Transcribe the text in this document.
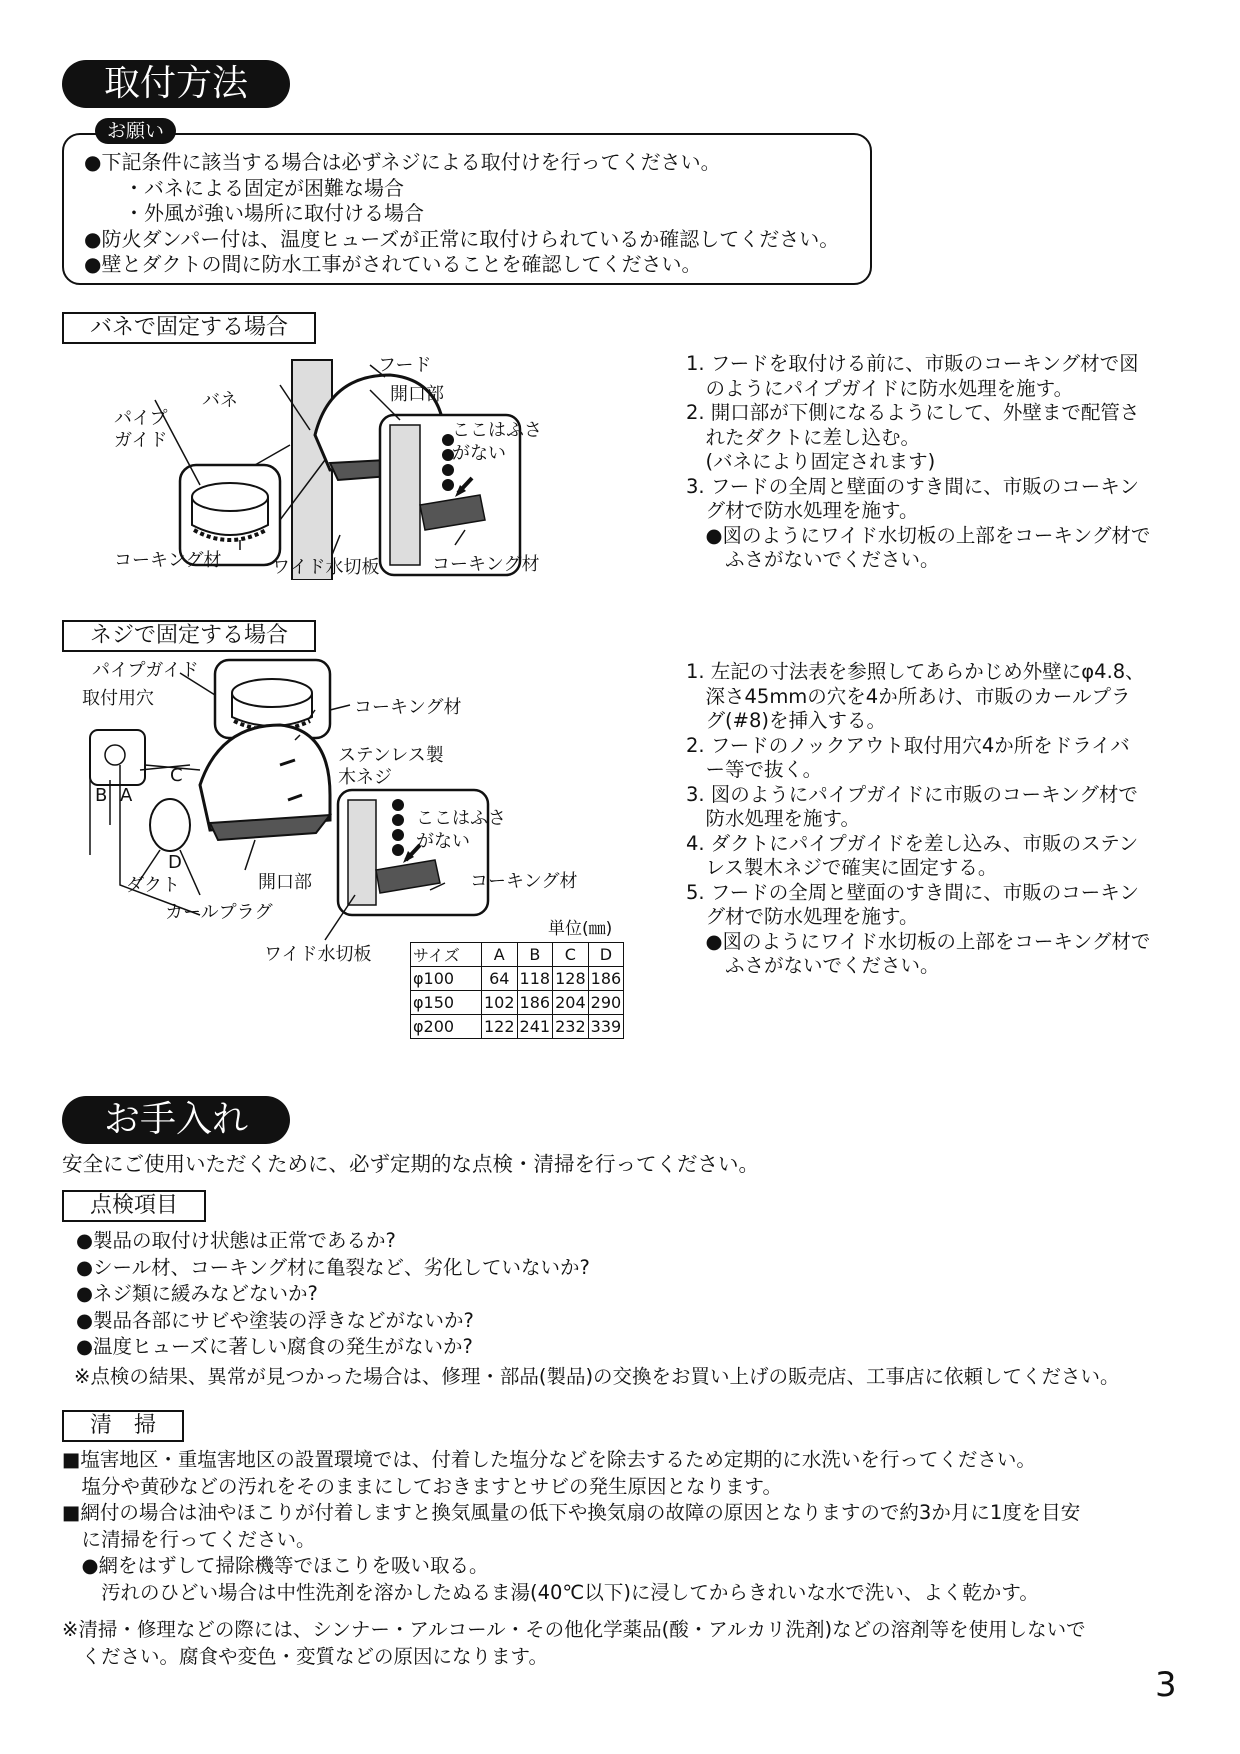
取付方法
お願い
●下記条件に該当する場合は必ずネジによる取付けを行ってください。
　　・バネによる固定が困難な場合
　　・外風が強い場所に取付ける場合
●防火ダンパー付は、温度ヒューズが正常に取付けられているか確認してください。
●壁とダクトの間に防水工事がされていることを確認してください。
バネで固定する場合
フード
開口部
バネ
パイプ
ガイド	ここはふさ
がない
コーキング材	ワイド水切板	コーキング材
1. フードを取付ける前に、市販のコーキング材で図
　のようにパイプガイドに防水処理を施す。
2. 開口部が下側になるようにして、外壁まで配管さ
　れたダクトに差し込む。
　(バネにより固定されます)
3. フードの全周と壁面のすき間に、市販のコーキン
　グ材で防水処理を施す。
　●図のようにワイド水切板の上部をコーキング材で
　　ふさがないでください。
ネジで固定する場合
パイプガイド
取付用穴	コーキング材
ステンレス製
木ネジ
ここはふさ
がない
B A
C
D
ダクト	開口部	コーキング材
カールプラグ
ワイド水切板
単位(㎜)
サイズ	A	B	C	D
φ100	64	118	128	186
φ150	102	186	204	290
φ200	122	241	232	339
1. 左記の寸法表を参照してあらかじめ外壁にφ4.8、
　深さ45mmの穴を4か所あけ、市販のカールプラ
　グ(#8)を挿入する。
2. フードのノックアウト取付用穴4か所をドライバ
　ー等で抜く。
3. 図のようにパイプガイドに市販のコーキング材で
　防水処理を施す。
4. ダクトにパイプガイドを差し込み、市販のステン
　レス製木ネジで確実に固定する。
5. フードの全周と壁面のすき間に、市販のコーキン
　グ材で防水処理を施す。
　●図のようにワイド水切板の上部をコーキング材で
　　ふさがないでください。
お手入れ
安全にご使用いただくために、必ず定期的な点検・清掃を行ってください。
点検項目
●製品の取付け状態は正常であるか?
●シール材、コーキング材に亀裂など、劣化していないか?
●ネジ類に緩みなどないか?
●製品各部にサビや塗装の浮きなどがないか?
●温度ヒューズに著しい腐食の発生がないか?
※点検の結果、異常が見つかった場合は、修理・部品(製品)の交換をお買い上げの販売店、工事店に依頼してください。
清　掃
■塩害地区・重塩害地区の設置環境では、付着した塩分などを除去するため定期的に水洗いを行ってください。
　塩分や黄砂などの汚れをそのままにしておきますとサビの発生原因となります。
■網付の場合は油やほこりが付着しますと換気風量の低下や換気扇の故障の原因となりますので約3か月に1度を目安
　に清掃を行ってください。
　●網をはずして掃除機等でほこりを吸い取る。
　　汚れのひどい場合は中性洗剤を溶かしたぬるま湯(40℃以下)に浸してからきれいな水で洗い、よく乾かす。
※清掃・修理などの際には、シンナー・アルコール・その他化学薬品(酸・アルカリ洗剤)などの溶剤等を使用しないで
　ください。腐食や変色・変質などの原因になります。
3
